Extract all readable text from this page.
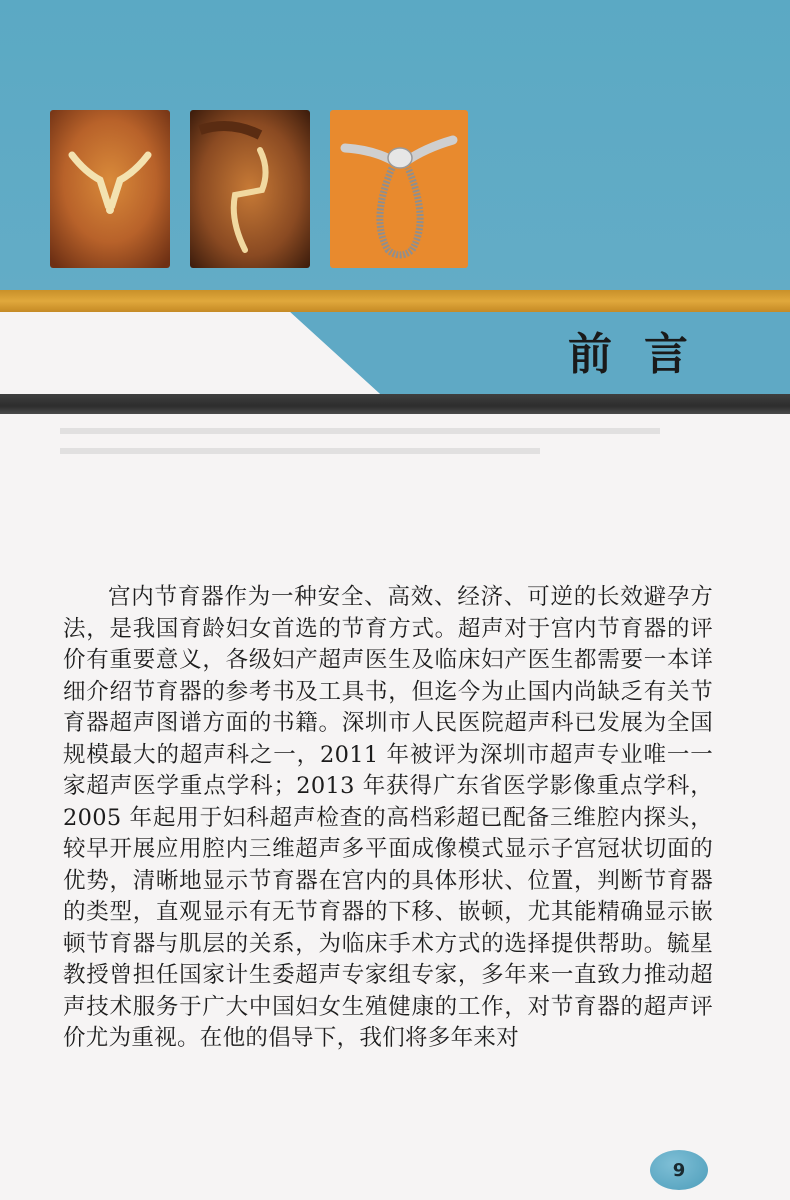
前言
宫内节育器作为一种安全、高效、经济、可逆的长效避孕方法，是我国育龄妇女首选的节育方式。超声对于宫内节育器的评价有重要意义，各级妇产超声医生及临床妇产医生都需要一本详细介绍节育器的参考书及工具书，但迄今为止国内尚缺乏有关节育器超声图谱方面的书籍。深圳市人民医院超声科已发展为全国规模最大的超声科之一，2011 年被评为深圳市超声专业唯一一家超声医学重点学科；2013 年获得广东省医学影像重点学科，2005 年起用于妇科超声检查的高档彩超已配备三维腔内探头，较早开展应用腔内三维超声多平面成像模式显示子宫冠状切面的优势，清晰地显示节育器在宫内的具体形状、位置，判断节育器的类型，直观显示有无节育器的下移、嵌顿，尤其能精确显示嵌顿节育器与肌层的关系，为临床手术方式的选择提供帮助。毓星教授曾担任国家计生委超声专家组专家，多年来一直致力推动超声技术服务于广大中国妇女生殖健康的工作，对节育器的超声评价尤为重视。在他的倡导下，我们将多年来对
9
